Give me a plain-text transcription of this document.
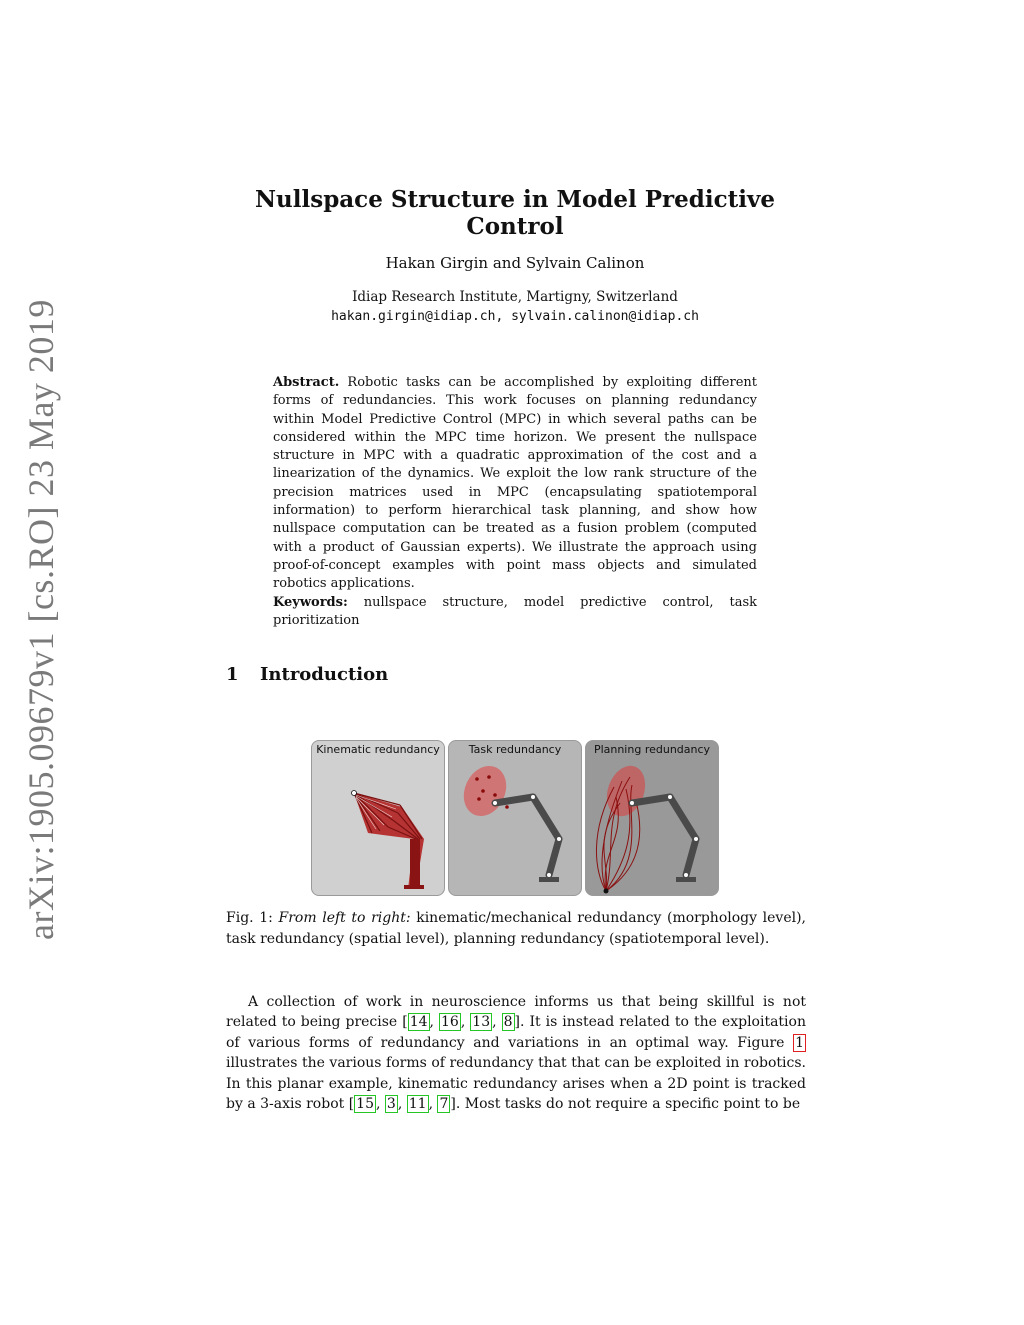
arXiv:1905.09679v1 [cs.RO] 23 May 2019
Nullspace Structure in Model Predictive Control
Hakan Girgin and Sylvain Calinon
Idiap Research Institute, Martigny, Switzerland
hakan.girgin@idiap.ch, sylvain.calinon@idiap.ch
Abstract. Robotic tasks can be accomplished by exploiting different forms of redundancies. This work focuses on planning redundancy within Model Predictive Control (MPC) in which several paths can be considered within the MPC time horizon. We present the nullspace structure in MPC with a quadratic approximation of the cost and a linearization of the dynamics. We exploit the low rank structure of the precision matrices used in MPC (encapsulating spatiotemporal information) to perform hierarchical task planning, and show how nullspace computation can be treated as a fusion problem (computed with a product of Gaussian experts). We illustrate the approach using proof-of-concept examples with point mass objects and simulated robotics applications.
Keywords: nullspace structure, model predictive control, task prioritization
1 Introduction
Kinematic redundancy	Task redundancy	Planning redundancy
Fig. 1: From left to right: kinematic/mechanical redundancy (morphology level), task redundancy (spatial level), planning redundancy (spatiotemporal level).
A collection of work in neuroscience informs us that being skillful is not related to being precise [ 14 , 16 , 13 , 8 ]. It is instead related to the exploitation of various forms of redundancy and variations in an optimal way. Figure 1 illustrates the various forms of redundancy that that can be exploited in robotics. In this planar example, kinematic redundancy arises when a 2D point is tracked by a 3-axis robot [ 15 , 3 , 11 , 7 ]. Most tasks do not require a specific point to be
